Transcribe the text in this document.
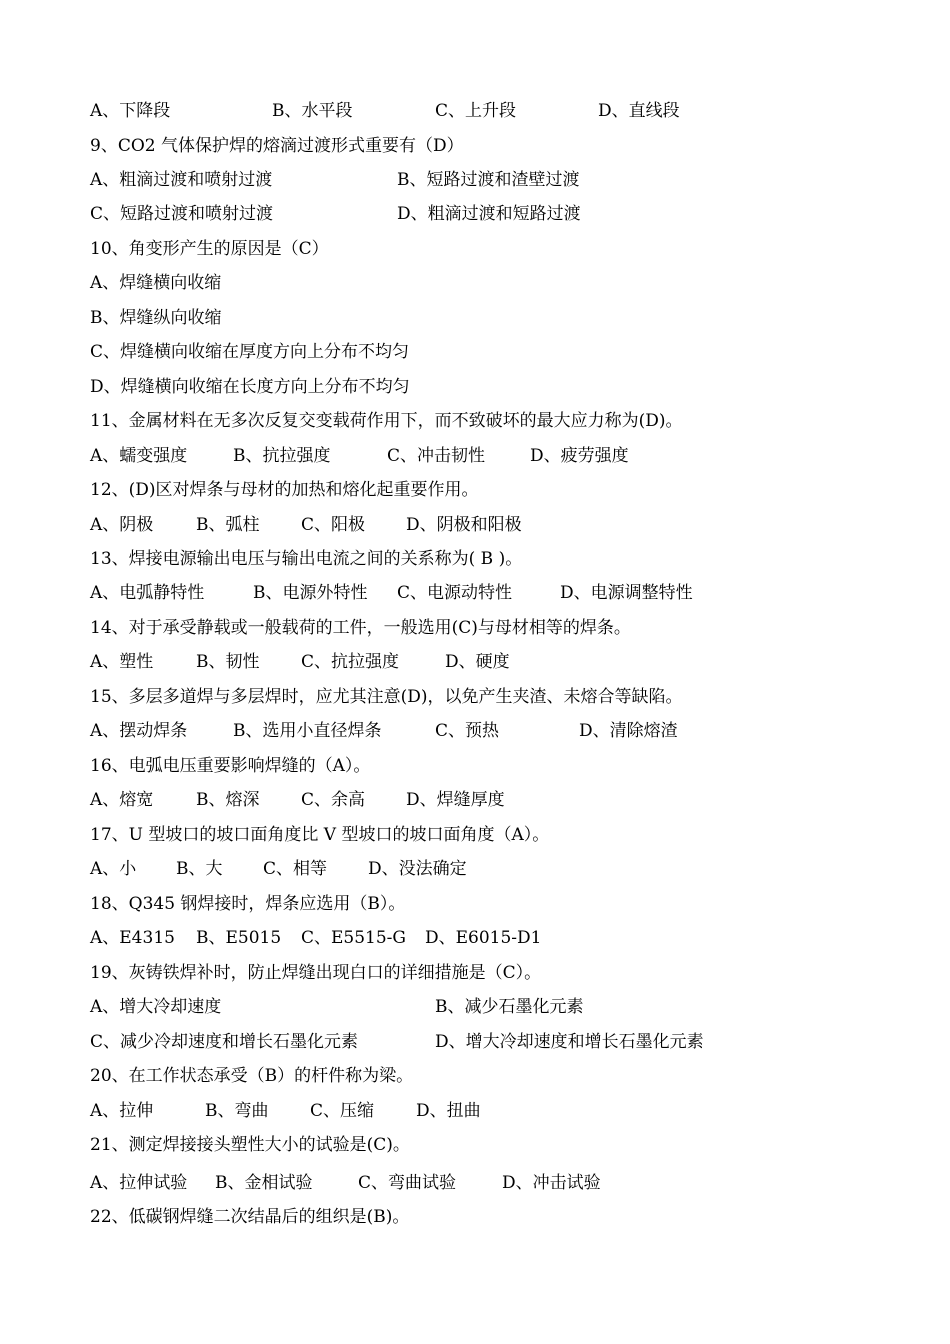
A、下降段	B、水平段	C、上升段	D、直线段
9、CO2 气体保护焊的熔滴过渡形式重要有（D）
A、粗滴过渡和喷射过渡	B、短路过渡和渣壁过渡
C、短路过渡和喷射过渡	D、粗滴过渡和短路过渡
10、角变形产生的原因是（C）
A、焊缝横向收缩
B、焊缝纵向收缩
C、焊缝横向收缩在厚度方向上分布不均匀
D、焊缝横向收缩在长度方向上分布不均匀
11、金属材料在无多次反复交变载荷作用下，而不致破坏的最大应力称为(D)。
A、蠕变强度	B、抗拉强度	C、冲击韧性	D、疲劳强度
12、(D)区对焊条与母材的加热和熔化起重要作用。
A、阴极	B、弧柱 C、阳极 D、阴极和阳极
13、焊接电源输出电压与输出电流之间的关系称为( B )。
A、电弧静特性	B、电源外特性 C、电源动特性	D、电源调整特性
14、对于承受静载或一般载荷的工件，一般选用(C)与母材相等的焊条。
A、塑性	B、韧性 C、抗拉强度	D、硬度
15、多层多道焊与多层焊时，应尤其注意(D)，以免产生夹渣、未熔合等缺陷。
A、摆动焊条	B、选用小直径焊条	C、预热	D、清除熔渣
16、电弧电压重要影响焊缝的（A）。
A、熔宽	B、熔深 C、余高 D、焊缝厚度
17、U 型坡口的坡口面角度比 V 型坡口的坡口面角度（A）。
A、小 B、大 C、相等 D、没法确定
18、Q345 钢焊接时，焊条应选用（B）。
A、E4315 B、E5015 C、E5515-G D、E6015-D1
19、灰铸铁焊补时，防止焊缝出现白口的详细措施是（C）。
A、增大冷却速度	B、减少石墨化元素
C、减少冷却速度和增长石墨化元素	D、增大冷却速度和增长石墨化元素
20、在工作状态承受（B）的杆件称为梁。
A、拉伸	B、弯曲 C、压缩 D、扭曲
21、测定焊接接头塑性大小的试验是(C)。
A、拉伸试验 B、金相试验	C、弯曲试验	D、冲击试验
22、低碳钢焊缝二次结晶后的组织是(B)。
